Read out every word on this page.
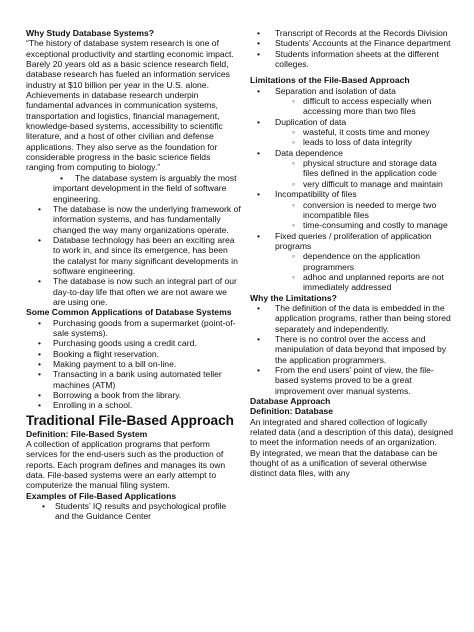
Why Study Database Systems?

“The history of database system research is one of exceptional productivity and startling economic impact. Barely 20 years old as a basic science research field, database research has fueled an information services industry at $10 billion per year in the U.S. alone. Achievements in database research underpin fundamental advances in communication systems, transportation and logistics, financial management, knowledge-based systems, accessibility to scientific literature, and a host of other civilian and defense applications. They also serve as the foundation for considerable progress in the basic science fields ranging from computing to biology.”

• The database system is arguably the most important development in the field of software engineering.
• The database is now the underlying framework of information systems, and has fundamentally changed the way many organizations operate.
• Database technology has been an exciting area to work in, and since its emergence, has been the catalyst for many significant developments in software engineering.
• The database is now such an integral part of our day-to-day life that often we are not aware we are using one.

Some Common Applications of Database Systems

• Purchasing goods from a supermarket (point-of-sale systems).
• Purchasing goods using a credit card.
• Booking a flight reservation.
• Making payment to a bill on-line.
• Transacting in a bank using automated teller machines (ATM)
• Borrowing a book from the library.
• Enrolling in a school.

Traditional File-Based Approach

Definition: File-Based System

A collection of application programs that perform services for the end-users such as the production of reports. Each program defines and manages its own data. File-based systems were an early attempt to computerize the manual filing system.

Examples of File-Based Applications

• Students’ IQ results and psychological profile and the Guidance Center
• Transcript of Records at the Records Division
• Students’ Accounts at the Finance department
• Students information sheets at the different colleges.

Limitations of the File-Based Approach

• Separation and isolation of data
◦ difficult to access especially when accessing more than two files
• Duplication of data
◦ wasteful, it costs time and money
◦ leads to loss of data integrity
• Data dependence
◦ physical structure and storage data files defined in the application code
◦ very difficult to manage and maintain
• Incompatibility of files
◦ conversion is needed to merge two incompatible files
◦ time-consuming and costly to manage
• Fixed queries / proliferation of application programs
◦ dependence on the application programmers
◦ adhoc and unplanned reports are not immediately addressed

Why the Limitations?

• The definition of the data is embedded in the application programs, rather than being stored separately and independently.
• There is no control over the access and manipulation of data beyond that imposed by the application programmers.
• From the end users’ point of view, the file-based systems proved to be a great improvement over manual systems.

Database Approach

Definition: Database

An integrated and shared collection of logically related data (and a description of this data), designed to meet the information needs of an organization.

By integrated, we mean that the database can be thought of as a unification of several otherwise distinct data files, with any
